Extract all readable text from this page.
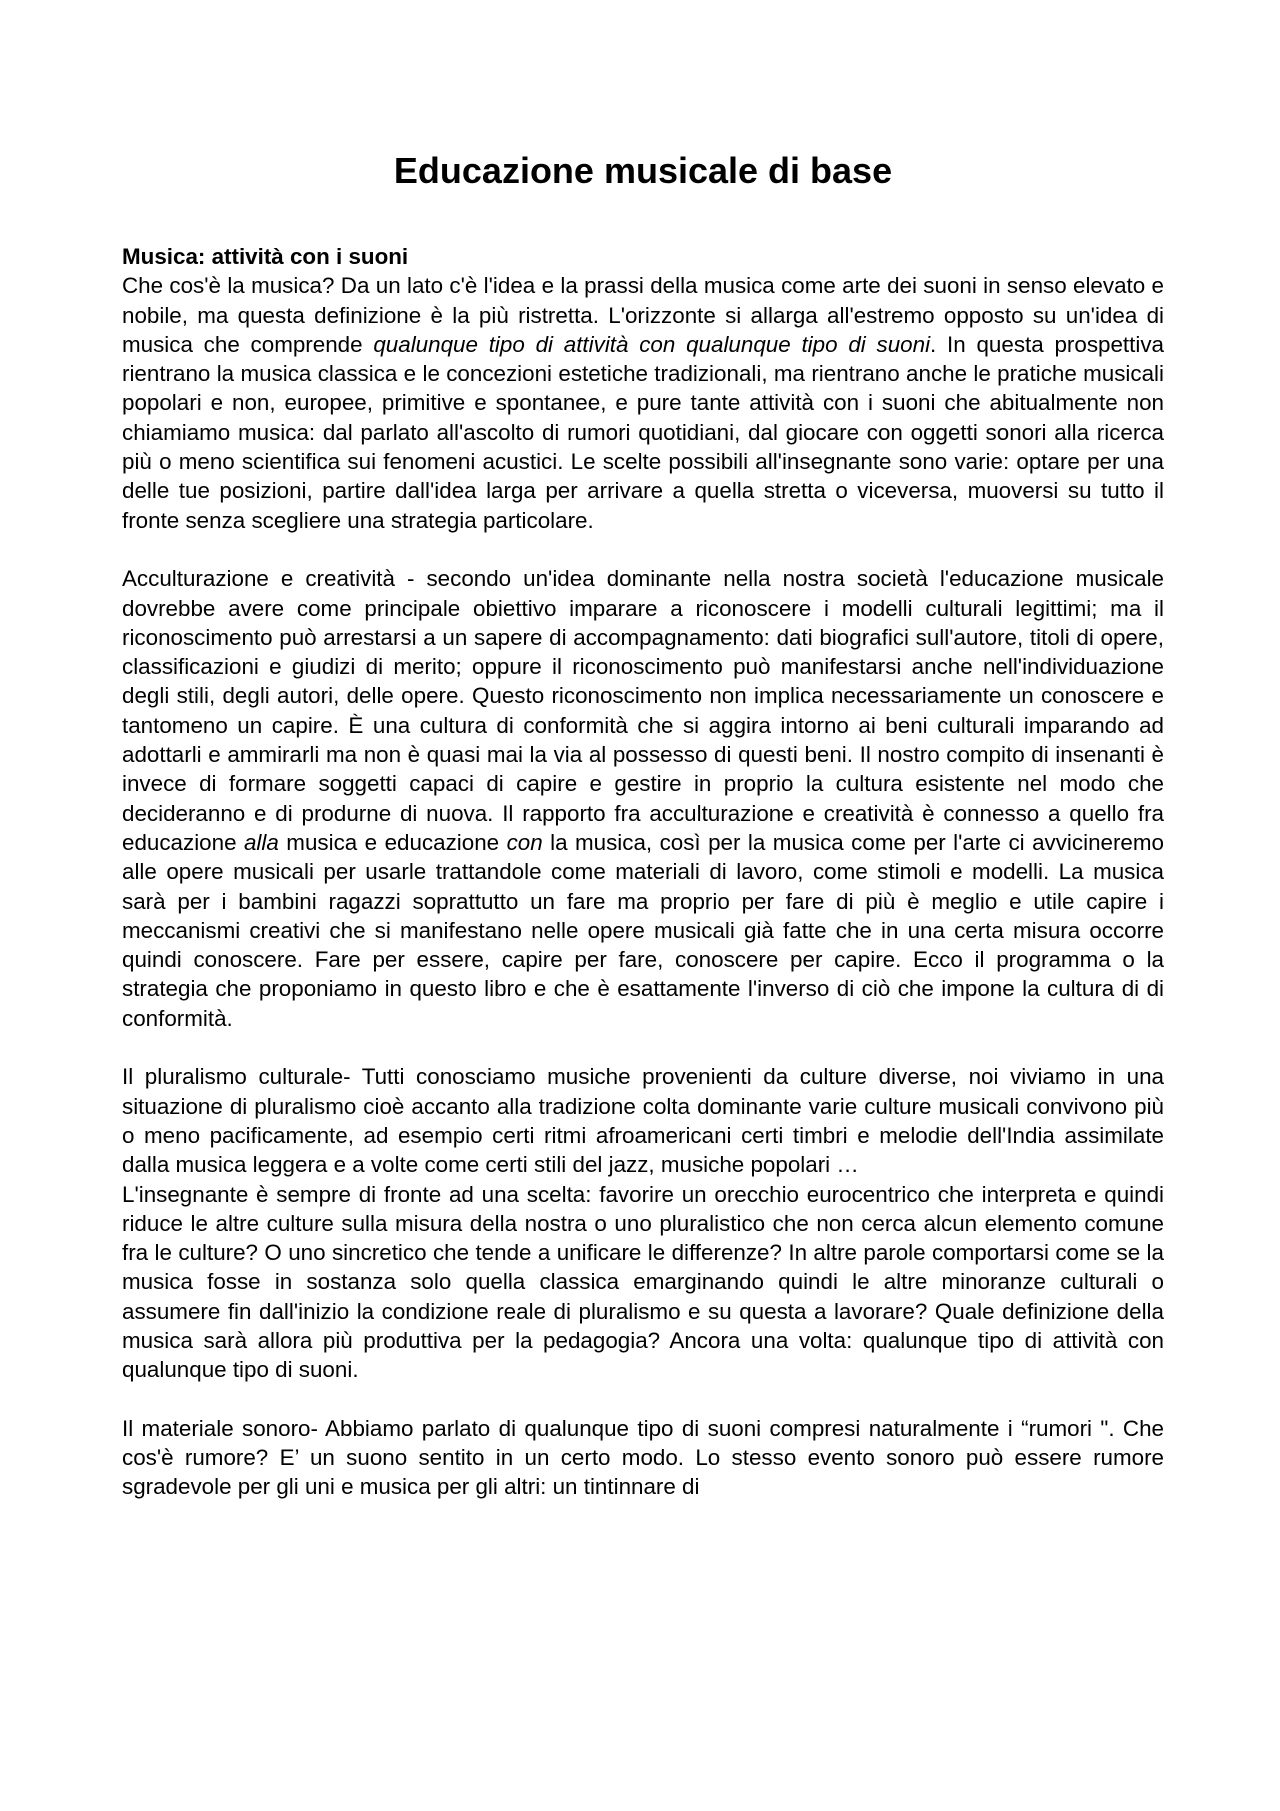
Educazione musicale di base
Musica: attività con i suoni

Che cos'è la musica? Da un lato c'è l'idea e la prassi della musica come arte dei suoni in senso elevato e nobile, ma questa definizione è la più ristretta. L'orizzonte si allarga all'estremo opposto su un'idea di musica che comprende qualunque tipo di attività con qualunque tipo di suoni. In questa prospettiva rientrano la musica classica e le concezioni estetiche tradizionali, ma rientrano anche le pratiche musicali popolari e non, europee, primitive e spontanee, e pure tante attività con i suoni che abitualmente non chiamiamo musica: dal parlato all'ascolto di rumori quotidiani, dal giocare con oggetti sonori alla ricerca più o meno scientifica sui fenomeni acustici. Le scelte possibili all'insegnante sono varie: optare per una delle tue posizioni, partire dall'idea larga per arrivare a quella stretta o viceversa, muoversi su tutto il fronte senza scegliere una strategia particolare.

Acculturazione e creatività - secondo un'idea dominante nella nostra società l'educazione musicale dovrebbe avere come principale obiettivo imparare a riconoscere i modelli culturali legittimi; ma il riconoscimento può arrestarsi a un sapere di accompagnamento: dati biografici sull'autore, titoli di opere, classificazioni e giudizi di merito; oppure il riconoscimento può manifestarsi anche nell'individuazione degli stili, degli autori, delle opere. Questo riconoscimento non implica necessariamente un conoscere e tantomeno un capire. È una cultura di conformità che si aggira intorno ai beni culturali imparando ad adottarli e ammirarli ma non è quasi mai la via al possesso di questi beni. Il nostro compito di insenanti è invece di formare soggetti capaci di capire e gestire in proprio la cultura esistente nel modo che decideranno e di produrne di nuova. Il rapporto fra acculturazione e creatività è connesso a quello fra educazione alla musica e educazione con la musica, così per la musica come per l'arte ci avvicineremo alle opere musicali per usarle trattandole come materiali di lavoro, come stimoli e modelli. La musica sarà per i bambini ragazzi soprattutto un fare ma proprio per fare di più è meglio e utile capire i meccanismi creativi che si manifestano nelle opere musicali già fatte che in una certa misura occorre quindi conoscere. Fare per essere, capire per fare, conoscere per capire. Ecco il programma o la strategia che proponiamo in questo libro e che è esattamente l'inverso di ciò che impone la cultura di di conformità.

Il pluralismo culturale- Tutti conosciamo musiche provenienti da culture diverse, noi viviamo in una situazione di pluralismo cioè accanto alla tradizione colta dominante varie culture musicali convivono più o meno pacificamente, ad esempio certi ritmi afroamericani certi timbri e melodie dell'India assimilate dalla musica leggera e a volte come certi stili del jazz, musiche popolari …

L'insegnante è sempre di fronte ad una scelta: favorire un orecchio eurocentrico che interpreta e quindi riduce le altre culture sulla misura della nostra o uno pluralistico che non cerca alcun elemento comune fra le culture? O uno sincretico che tende a unificare le differenze? In altre parole comportarsi come se la musica fosse in sostanza solo quella classica emarginando quindi le altre minoranze culturali o assumere fin dall'inizio la condizione reale di pluralismo e su questa a lavorare? Quale definizione della musica sarà allora più produttiva per la pedagogia? Ancora una volta: qualunque tipo di attività con qualunque tipo di suoni.

Il materiale sonoro- Abbiamo parlato di qualunque tipo di suoni compresi naturalmente i “rumori ". Che cos'è rumore? E’ un suono sentito in un certo modo. Lo stesso evento sonoro può essere rumore sgradevole per gli uni e musica per gli altri: un tintinnare di
